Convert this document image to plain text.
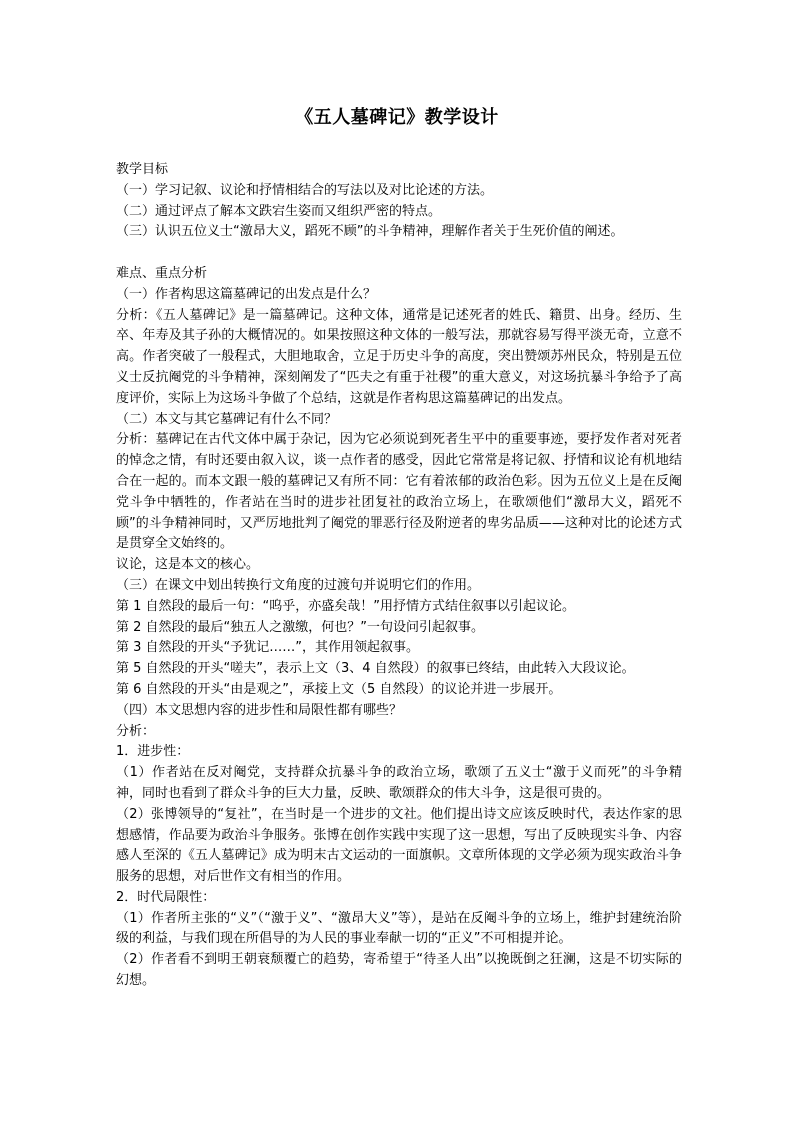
《五人墓碑记》教学设计
教学目标
（一）学习记叙、议论和抒情相结合的写法以及对比论述的方法。
（二）通过评点了解本文跌宕生姿而又组织严密的特点。
（三）认识五位义士“激昂大义，蹈死不顾”的斗争精神，理解作者关于生死价值的阐述。
难点、重点分析
（一）作者构思这篇墓碑记的出发点是什么？
分析：《五人墓碑记》是一篇墓碑记。这种文体，通常是记述死者的姓氏、籍贯、出身。经历、生卒、年寿及其子孙的大概情况的。如果按照这种文体的一般写法，那就容易写得平淡无奇，立意不高。作者突破了一般程式，大胆地取舍，立足于历史斗争的高度，突出赞颂苏州民众，特别是五位义士反抗阉党的斗争精神，深刻阐发了“匹夫之有重于社稷”的重大意义，对这场抗暴斗争给予了高度评价，实际上为这场斗争做了个总结，这就是作者构思这篇墓碑记的出发点。
（二）本文与其它墓碑记有什么不同？
分析：墓碑记在古代文体中属于杂记，因为它必须说到死者生平中的重要事迹，要抒发作者对死者的悼念之情，有时还要由叙入议，谈一点作者的感受，因此它常常是将记叙、抒情和议论有机地结合在一起的。而本文跟一般的墓碑记又有所不同：它有着浓郁的政治色彩。因为五位义上是在反阉党斗争中牺牲的，作者站在当时的进步社团复社的政治立场上，在歌颂他们“激昂大义，蹈死不顾”的斗争精神同时，又严厉地批判了阉党的罪恶行径及附逆者的卑劣品质——这种对比的论述方式是贯穿全文始终的。
议论，这是本文的核心。
（三）在课文中划出转换行文角度的过渡句并说明它们的作用。
第 1 自然段的最后一句：“呜乎，亦盛矣哉！”用抒情方式结住叙事以引起议论。
第 2 自然段的最后“独五人之激缴，何也？”一句设问引起叙事。
第 3 自然段的开头“予犹记……”，其作用领起叙事。
第 5 自然段的开头“嗟夫”，表示上文（3、4 自然段）的叙事已终结，由此转入大段议论。
第 6 自然段的开头“由是观之”，承接上文（5 自然段）的议论并进一步展开。
（四）本文思想内容的进步性和局限性都有哪些？
分析：
1．进步性：
（1）作者站在反对阉党，支持群众抗暴斗争的政治立场，歌颂了五义士“激于义而死”的斗争精神，同时也看到了群众斗争的巨大力量，反映、歌颂群众的伟大斗争，这是很可贵的。
（2）张博领导的“复社”，在当时是一个进步的文社。他们提出诗文应该反映时代，表达作家的思想感情，作品要为政治斗争服务。张博在创作实践中实现了这一思想，写出了反映现实斗争、内容感人至深的《五人墓碑记》成为明末古文运动的一面旗帜。文章所体现的文学必须为现实政治斗争服务的思想，对后世作文有相当的作用。
2．时代局限性：
（1）作者所主张的“义”（“激于义”、“激昂大义”等），是站在反阉斗争的立场上，维护封建统治阶级的利益，与我们现在所倡导的为人民的事业奉献一切的“正义”不可相提并论。
（2）作者看不到明王朝衰颓覆亡的趋势，寄希望于“待圣人出”以挽既倒之狂澜，这是不切实际的幻想。
